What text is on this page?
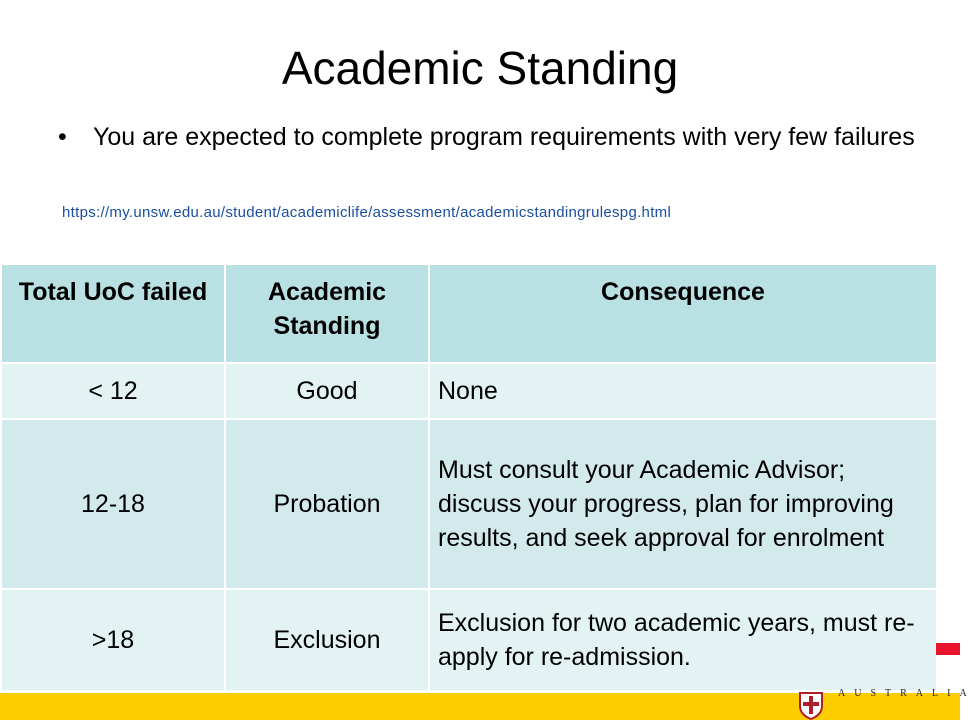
Academic Standing
•	You are expected to complete program requirements with very few failures
https://my.unsw.edu.au/student/academiclife/assessment/academicstandingrulespg.html
Total UoC failed	Academic Standing	Consequence
< 12	Good	None
12-18	Probation	Must consult your Academic Advisor; discuss your progress, plan for improving results, and seek approval for enrolment
>18	Exclusion	Exclusion for two academic years, must re-apply for re-admission.
AUSTRALIA
